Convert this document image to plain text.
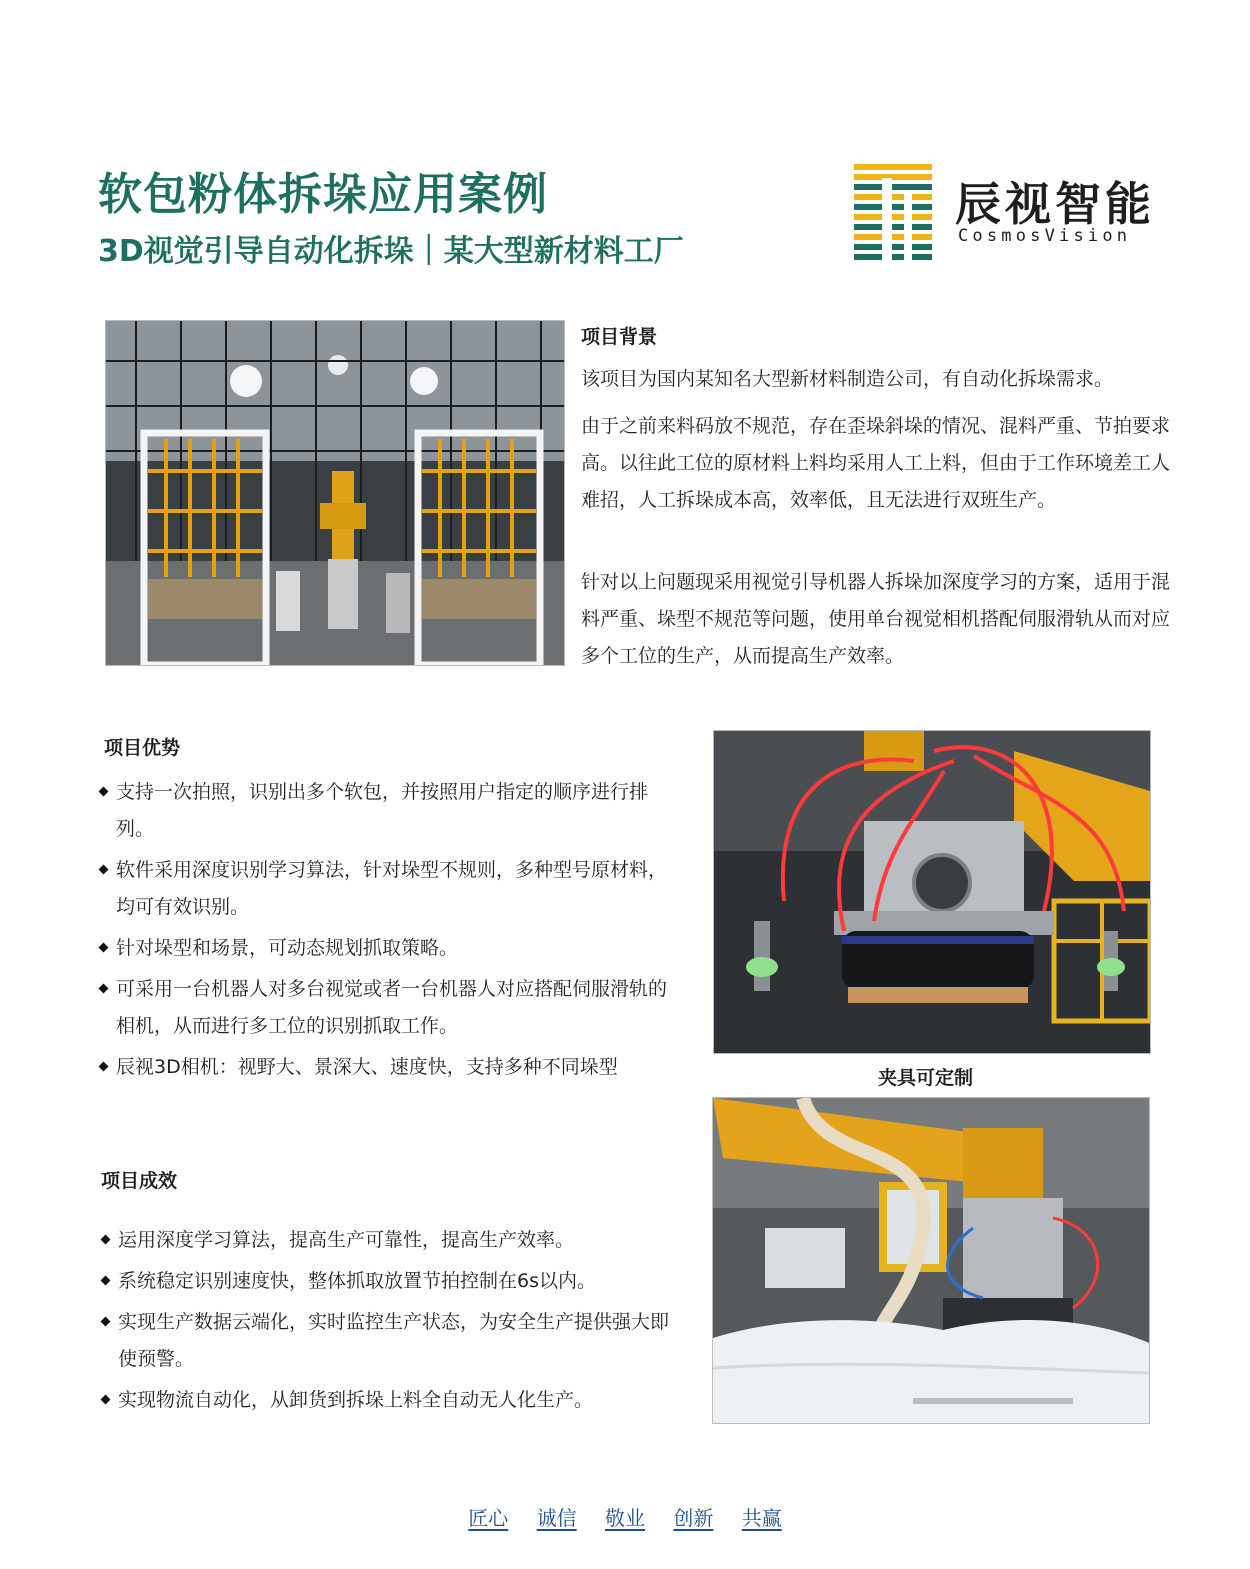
软包粉体拆垛应用案例
3D视觉引导自动化拆垛｜某大型新材料工厂
辰视智能
CosmosVision
项目背景
该项目为国内某知名大型新材料制造公司，有自动化拆垛需求。
由于之前来料码放不规范，存在歪垛斜垛的情况、混料严重、节拍要求高。以往此工位的原材料上料均采用人工上料，但由于工作环境差工人难招，人工拆垛成本高，效率低，且无法进行双班生产。
针对以上问题现采用视觉引导机器人拆垛加深度学习的方案，适用于混料严重、垛型不规范等问题，使用单台视觉相机搭配伺服滑轨从而对应多个工位的生产，从而提高生产效率。
项目优势
支持一次拍照，识别出多个软包，并按照用户指定的顺序进行排列。
软件采用深度识别学习算法，针对垛型不规则，多种型号原材料，均可有效识别。
针对垛型和场景，可动态规划抓取策略。
可采用一台机器人对多台视觉或者一台机器人对应搭配伺服滑轨的相机，从而进行多工位的识别抓取工作。
辰视3D相机：视野大、景深大、速度快，支持多种不同垛型	夹具可定制
项目成效
运用深度学习算法，提高生产可靠性，提高生产效率。
系统稳定识别速度快，整体抓取放置节拍控制在6s以内。
实现生产数据云端化，实时监控生产状态，为安全生产提供强大即使预警。
实现物流自动化，从卸货到拆垛上料全自动无人化生产。
匠心 诚信 敬业 创新 共赢
